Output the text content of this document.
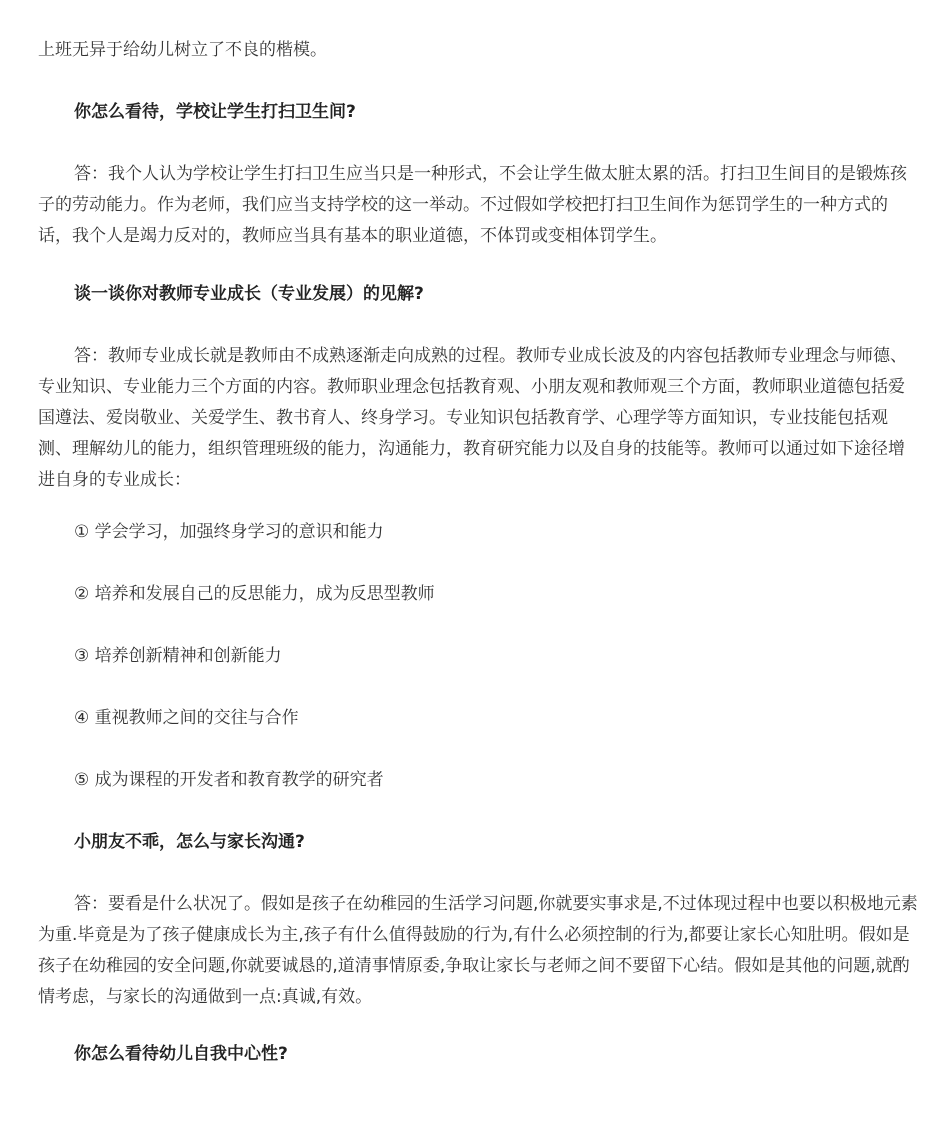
上班无异于给幼儿树立了不良的楷模。

你怎么看待，学校让学生打扫卫生间?

答：我个人认为学校让学生打扫卫生应当只是一种形式，不会让学生做太脏太累的活。打扫卫生间目的是锻炼孩子的劳动能力。作为老师，我们应当支持学校的这一举动。不过假如学校把打扫卫生间作为惩罚学生的一种方式的话，我个人是竭力反对的，教师应当具有基本的职业道德，不体罚或变相体罚学生。

谈一谈你对教师专业成长（专业发展）的见解?

答：教师专业成长就是教师由不成熟逐渐走向成熟的过程。教师专业成长波及的内容包括教师专业理念与师德、专业知识、专业能力三个方面的内容。教师职业理念包括教育观、小朋友观和教师观三个方面，教师职业道德包括爱国遵法、爱岗敬业、关爱学生、教书育人、终身学习。专业知识包括教育学、心理学等方面知识，专业技能包括观测、理解幼儿的能力，组织管理班级的能力，沟通能力，教育研究能力以及自身的技能等。教师可以通过如下途径增进自身的专业成长：

① 学会学习，加强终身学习的意识和能力

② 培养和发展自己的反思能力，成为反思型教师

③ 培养创新精神和创新能力

④ 重视教师之间的交往与合作

⑤ 成为课程的开发者和教育教学的研究者

小朋友不乖，怎么与家长沟通?

答：要看是什么状况了。假如是孩子在幼稚园的生活学习问题,你就要实事求是,不过体现过程中也要以积极地元素为重.毕竟是为了孩子健康成长为主,孩子有什么值得鼓励的行为,有什么必须控制的行为,都要让家长心知肚明。假如是孩子在幼稚园的安全问题,你就要诚恳的,道清事情原委,争取让家长与老师之间不要留下心结。假如是其他的问题,就酌情考虑，与家长的沟通做到一点:真诚,有效。

你怎么看待幼儿自我中心性?
